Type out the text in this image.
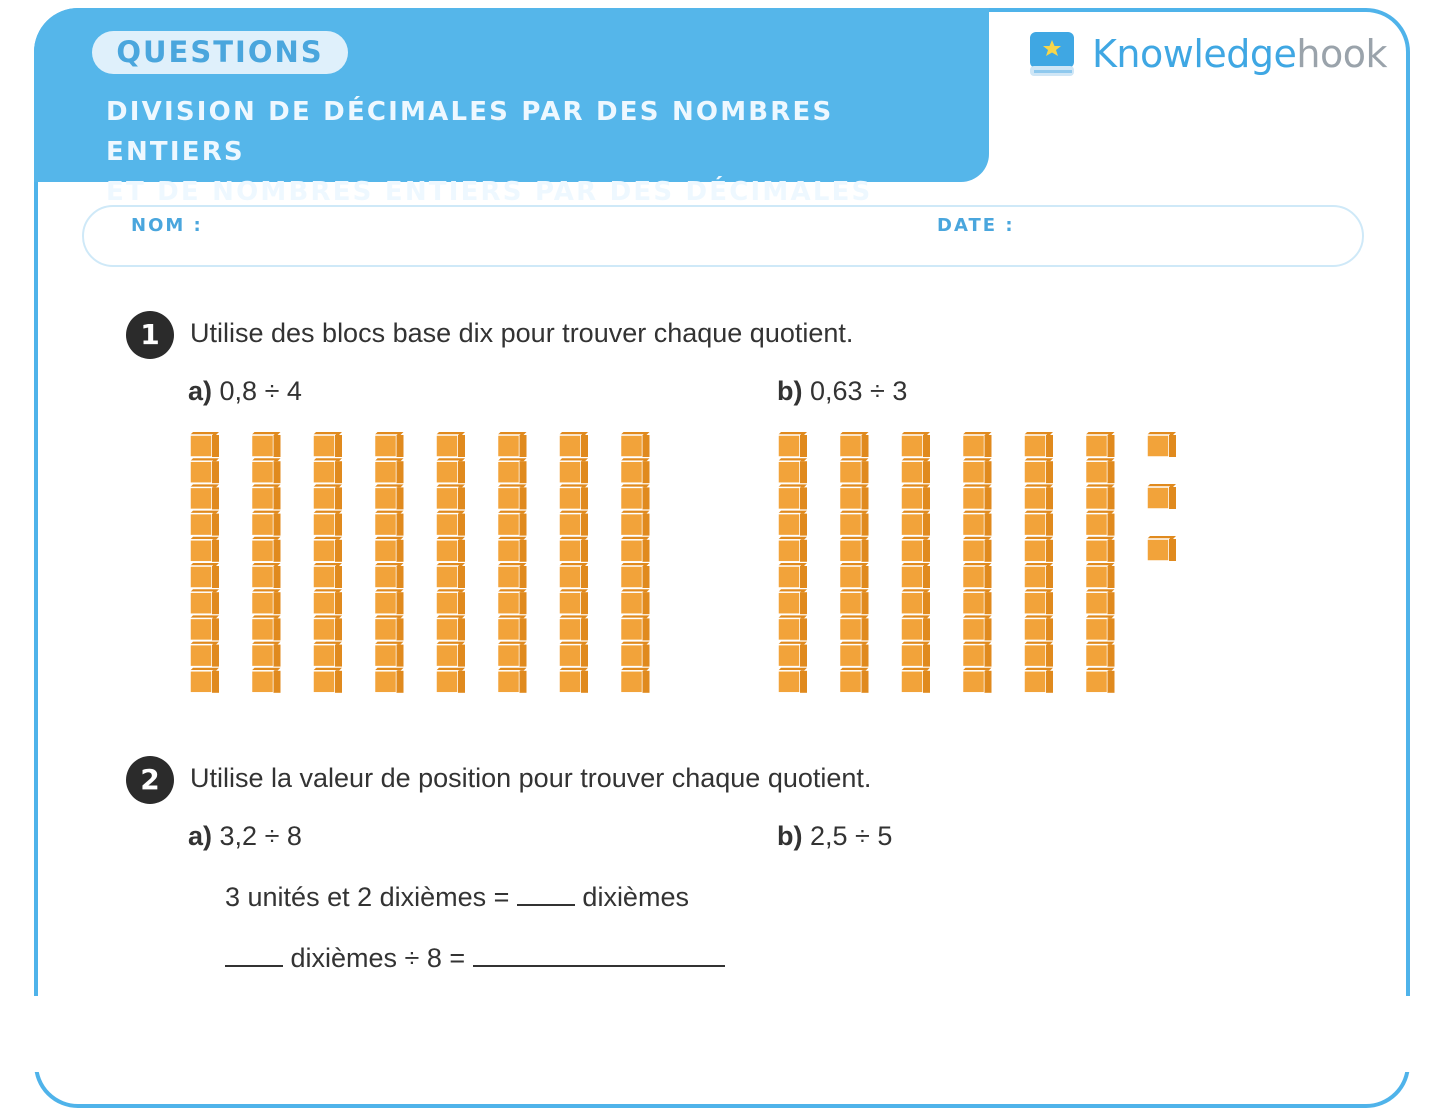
QUESTIONS
DIVISION DE DÉCIMALES PAR DES NOMBRES ENTIERS
ET DE NOMBRES ENTIERS PAR DES DÉCIMALES
Knowledgehook
NOM :	DATE :
1	Utilise des blocs base dix pour trouver chaque quotient.
a) 0,8 ÷ 4	b) 0,63 ÷ 3
2	Utilise la valeur de position pour trouver chaque quotient.
a) 3,2 ÷ 8	b) 2,5 ÷ 5
3 unités et 2 dixièmes =  dixièmes
dixièmes ÷ 8 =
